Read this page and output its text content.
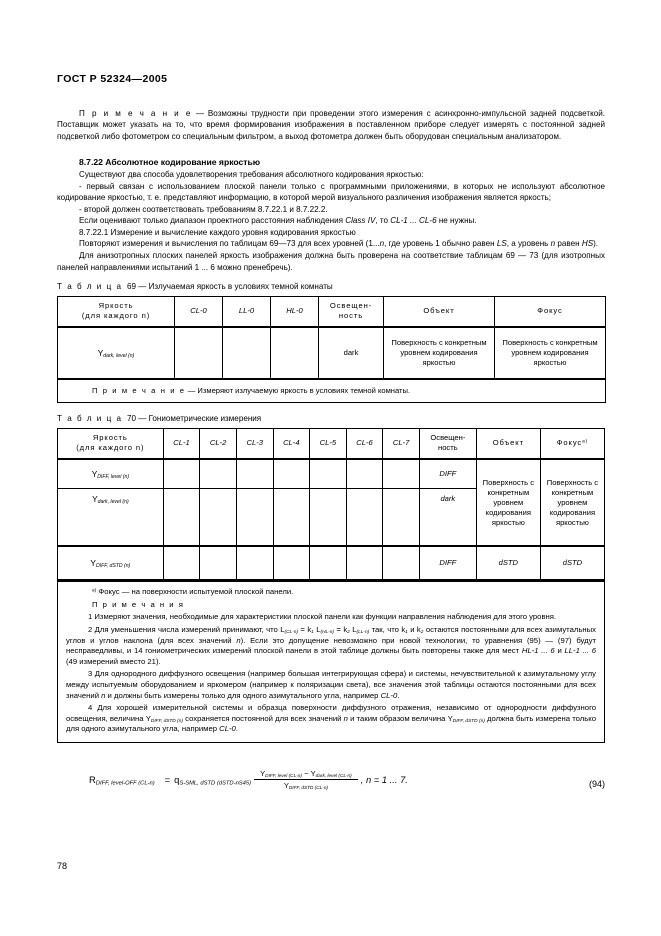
ГОСТ Р 52324—2005

П р и м е ч а н и е — Возможны трудности при проведении этого измерения с асинхронно-импульсной задней подсветкой. Поставщик может указать на то, что время формирования изображения в поставленном приборе следует измерять с постоянной задней подсветкой либо фотометром со специальным фильтром, а выход фотометра должен быть оборудован специальным анализатором.

8.7.22 Абсолютное кодирование яркостью

Существуют два способа удовлетворения требования абсолютного кодирования яркостью:

- первый связан с использованием плоской панели только с программными приложениями, в которых не используют абсолютное кодирование яркостью, т. е. представляют информацию, в которой мерой визуального различения изображения является яркость;

- второй должен соответствовать требованиям 8.7.22.1 и 8.7.22.2.

Если оценивают только диапазон проектного расстояния наблюдения Class IV, то CL-1 ... CL-6 не нужны.

8.7.22.1 Измерение и вычисление каждого уровня кодирования яркостью

Повторяют измерения и вычисления по таблицам 69—73 для всех уровней (1...n, где уровень 1 обычно равен LS, а уровень n равен HS).

Для анизотропных плоских панелей яркость изображения должна быть проверена на соответствие таблицам 69 — 73 (для изотропных панелей направлениями испытаний 1 ... 6 можно пренебречь).

Т а б л и ц а 69 — Излучаемая яркость в условиях темной комнаты
Яркость
(для каждого n)	CL-0	LL-0	HL-0	Освещен-
ность	Объект	Фокус
$Y_{dark, level (n)}$				dark	Поверхность с конкретным уровнем кодирования яркостью	Поверхность с конкретным уровнем кодирования яркостью
П р и м е ч а н и е — Измеряют излучаемую яркость в условиях темной комнаты.						
Т а б л и ц а 70 — Гониометрические измерения
Яркость
(для каждого n)	CL-1	CL-2	CL-3	CL-4	CL-5	CL-6	CL-7	Освещен-
ность	Объект	Фокус$^{а)}$
$Y_{DIFF, level (n)}$								DIFF	Поверхность с конкретным уровнем кодирования яркостью	Поверхность с конкретным уровнем кодирования яркостью
$Y_{dark, level (n)}$								dark		
$Y_{DIFF, dSTD (n)}$								DIFF	dSTD	dSTD

$^{а)}$ Фокус — на поверхности испытуемой плоской панели.

П р и м е ч а н и я

1 Измеряют значения, необходимые для характеристики плоской панели как функции направления наблюдения для этого уровня.

2 Для уменьшения числа измерений принимают, что $L_{(CL-n)} = k_1$ $L_{(HL-n)} = k_2$ $L_{(LL-n)}$ так, что $k_1$ и $k_2$ остаются постоянными для всех азимутальных углов и углов наклона (для всех значений n). Если это допущение невозможно при новой технологии, то уравнения (95) — (97) будут несправедливы, и 14 гониометрических измерений плоской панели в этой таблице должны быть повторены также для мест HL-1 ... 6 и LL-1 ... 6 (49 измерений вместо 21).

3 Для однородного диффузного освещения (например большая интегрирующая сфера) и системы, нечувствительной к азимутальному углу между испытуемым оборудованием и яркомером (например к поляризации света), все значения этой таблицы остаются постоянными для всех значений n и должны быть измерены только для одного азимутального угла, например CL-0.

4 Для хорошей измерительной системы и образца поверхности диффузного отражения, независимо от однородности диффузного освещения, величина $Y_{DIFF, dSTD (n)}$ сохраняется постоянной для всех значений n и таким образом величина $Y_{DIFF, dSTD (n)}$ должна быть измерена только для одного азимутального угла, например CL-0.

$R_{DIFF, level-OFF (CL-n)} = q_{S-SML, dSTD (dSTD-nS45)} \frac{Y_{DIFF, level (CL-n)} - Y_{dark, level (CL-n)}}{Y_{DIFF, dSTD (CL-n)}}$ , n = 1 ... 7.	(94)
78
